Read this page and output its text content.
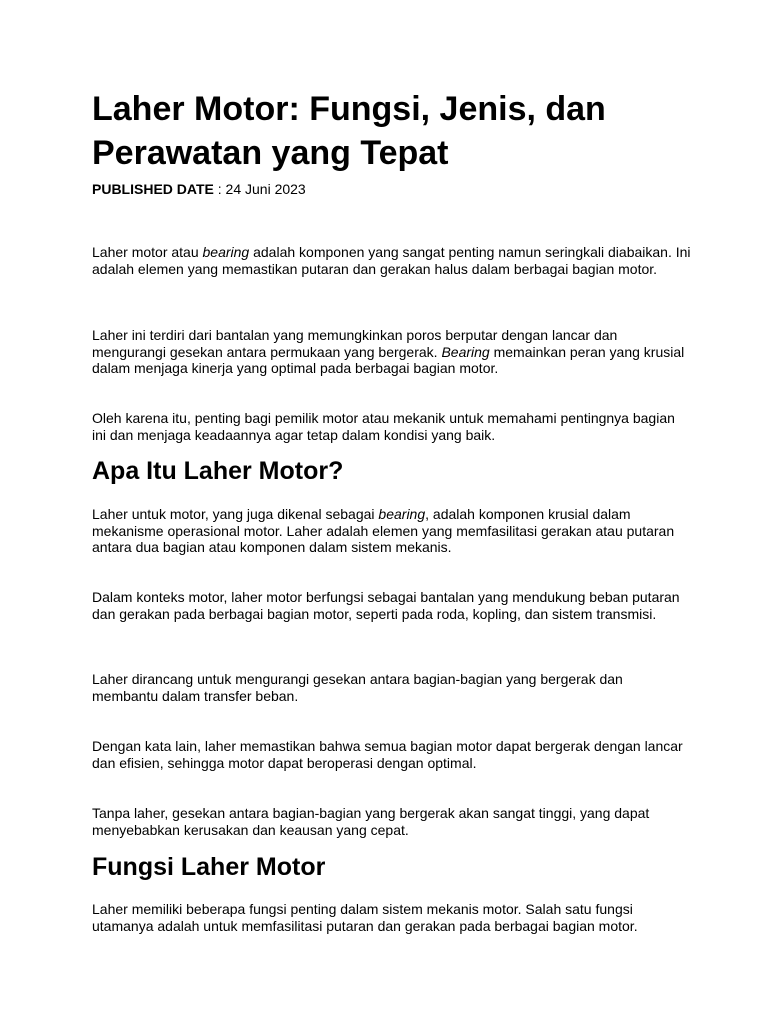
Laher Motor: Fungsi, Jenis, dan Perawatan yang Tepat
PUBLISHED DATE : 24 Juni 2023

Laher motor atau bearing adalah komponen yang sangat penting namun seringkali diabaikan. Ini adalah elemen yang memastikan putaran dan gerakan halus dalam berbagai bagian motor.

Laher ini terdiri dari bantalan yang memungkinkan poros berputar dengan lancar dan mengurangi gesekan antara permukaan yang bergerak. Bearing memainkan peran yang krusial dalam menjaga kinerja yang optimal pada berbagai bagian motor.

Oleh karena itu, penting bagi pemilik motor atau mekanik untuk memahami pentingnya bagian ini dan menjaga keadaannya agar tetap dalam kondisi yang baik.

Apa Itu Laher Motor?

Laher untuk motor, yang juga dikenal sebagai bearing, adalah komponen krusial dalam mekanisme operasional motor. Laher adalah elemen yang memfasilitasi gerakan atau putaran antara dua bagian atau komponen dalam sistem mekanis.

Dalam konteks motor, laher motor berfungsi sebagai bantalan yang mendukung beban putaran dan gerakan pada berbagai bagian motor, seperti pada roda, kopling, dan sistem transmisi.

Laher dirancang untuk mengurangi gesekan antara bagian-bagian yang bergerak dan membantu dalam transfer beban.

Dengan kata lain, laher memastikan bahwa semua bagian motor dapat bergerak dengan lancar dan efisien, sehingga motor dapat beroperasi dengan optimal.

Tanpa laher, gesekan antara bagian-bagian yang bergerak akan sangat tinggi, yang dapat menyebabkan kerusakan dan keausan yang cepat.

Fungsi Laher Motor

Laher memiliki beberapa fungsi penting dalam sistem mekanis motor. Salah satu fungsi utamanya adalah untuk memfasilitasi putaran dan gerakan pada berbagai bagian motor.
